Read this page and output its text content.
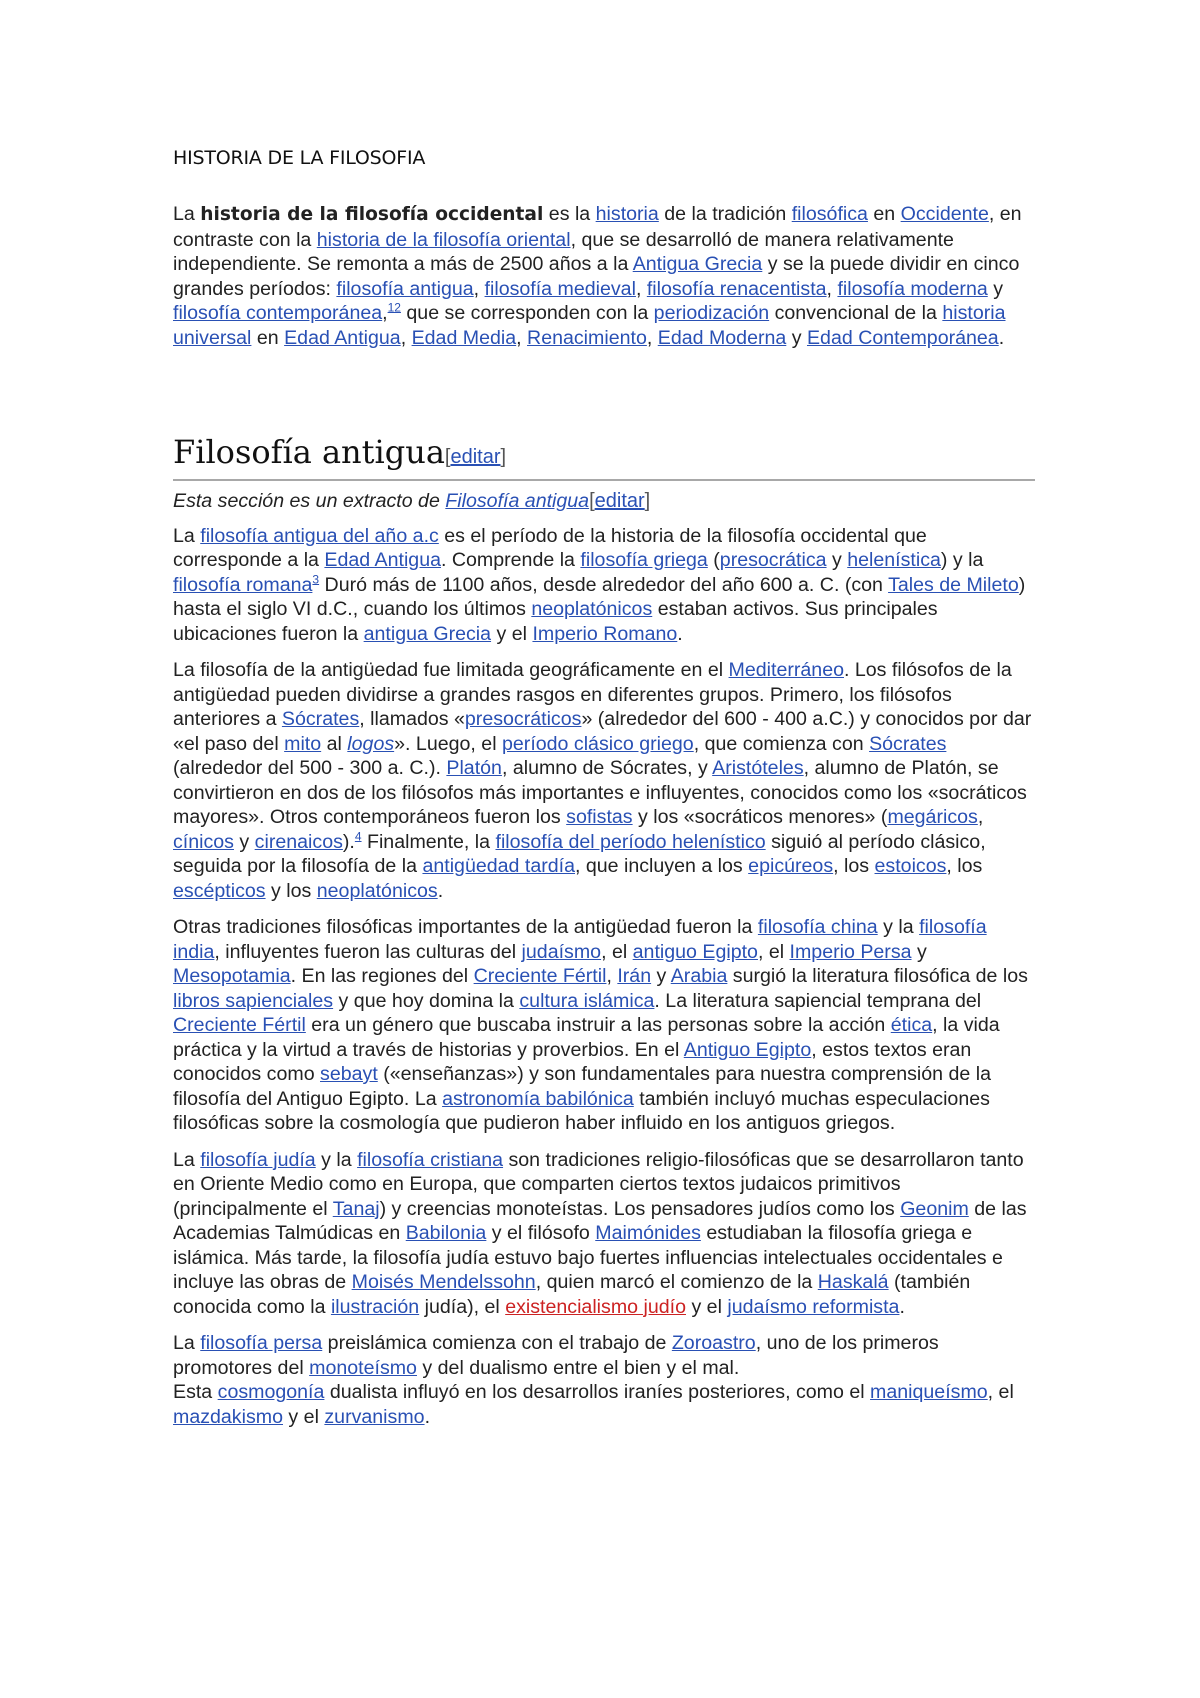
HISTORIA DE LA FILOSOFIA

La historia de la filosofía occidental es la historia de la tradición filosófica en Occidente, en contraste con la historia de la filosofía oriental, que se desarrolló de manera relativamente independiente. Se remonta a más de 2500 años a la Antigua Grecia y se la puede dividir en cinco grandes períodos: filosofía antigua, filosofía medieval, filosofía renacentista, filosofía moderna y filosofía contemporánea,$^{12}$ que se corresponden con la periodización convencional de la historia universal en Edad Antigua, Edad Media, Renacimiento, Edad Moderna y Edad Contemporánea.

Filosofía antigua[editar]

Esta sección es un extracto de Filosofía antigua[editar]

La filosofía antigua del año a.c es el período de la historia de la filosofía occidental que corresponde a la Edad Antigua. Comprende la filosofía griega (presocrática y helenística) y la filosofía romana$^3$ Duró más de 1100 años, desde alrededor del año 600 a. C. (con Tales de Mileto) hasta el siglo VI d.C., cuando los últimos neoplatónicos estaban activos. Sus principales ubicaciones fueron la antigua Grecia y el Imperio Romano.

La filosofía de la antigüedad fue limitada geográficamente en el Mediterráneo. Los filósofos de la antigüedad pueden dividirse a grandes rasgos en diferentes grupos. Primero, los filósofos anteriores a Sócrates, llamados «presocráticos» (alrededor del 600 - 400 a.C.) y conocidos por dar «el paso del mito al logos». Luego, el período clásico griego, que comienza con Sócrates (alrededor del 500 - 300 a. C.). Platón, alumno de Sócrates, y Aristóteles, alumno de Platón, se convirtieron en dos de los filósofos más importantes e influyentes, conocidos como los «socráticos mayores». Otros contemporáneos fueron los sofistas y los «socráticos menores» (megáricos, cínicos y cirenaicos).$^4$ Finalmente, la filosofía del período helenístico siguió al período clásico, seguida por la filosofía de la antigüedad tardía, que incluyen a los epicúreos, los estoicos, los escépticos y los neoplatónicos.

Otras tradiciones filosóficas importantes de la antigüedad fueron la filosofía china y la filosofía india, influyentes fueron las culturas del judaísmo, el antiguo Egipto, el Imperio Persa y Mesopotamia. En las regiones del Creciente Fértil, Irán y Arabia surgió la literatura filosófica de los libros sapienciales y que hoy domina la cultura islámica. La literatura sapiencial temprana del Creciente Fértil era un género que buscaba instruir a las personas sobre la acción ética, la vida práctica y la virtud a través de historias y proverbios. En el Antiguo Egipto, estos textos eran conocidos como sebayt («enseñanzas») y son fundamentales para nuestra comprensión de la filosofía del Antiguo Egipto. La astronomía babilónica también incluyó muchas especulaciones filosóficas sobre la cosmología que pudieron haber influido en los antiguos griegos.

La filosofía judía y la filosofía cristiana son tradiciones religio-filosóficas que se desarrollaron tanto en Oriente Medio como en Europa, que comparten ciertos textos judaicos primitivos (principalmente el Tanaj) y creencias monoteístas. Los pensadores judíos como los Geonim de las Academias Talmúdicas en Babilonia y el filósofo Maimónides estudiaban la filosofía griega e islámica. Más tarde, la filosofía judía estuvo bajo fuertes influencias intelectuales occidentales e incluye las obras de Moisés Mendelssohn, quien marcó el comienzo de la Haskalá (también conocida como la ilustración judía), el existencialismo judío y el judaísmo reformista.

La filosofía persa preislámica comienza con el trabajo de Zoroastro, uno de los primeros promotores del monoteísmo y del dualismo entre el bien y el mal.
Esta cosmogonía dualista influyó en los desarrollos iraníes posteriores, como el maniqueísmo, el mazdakismo y el zurvanismo.
